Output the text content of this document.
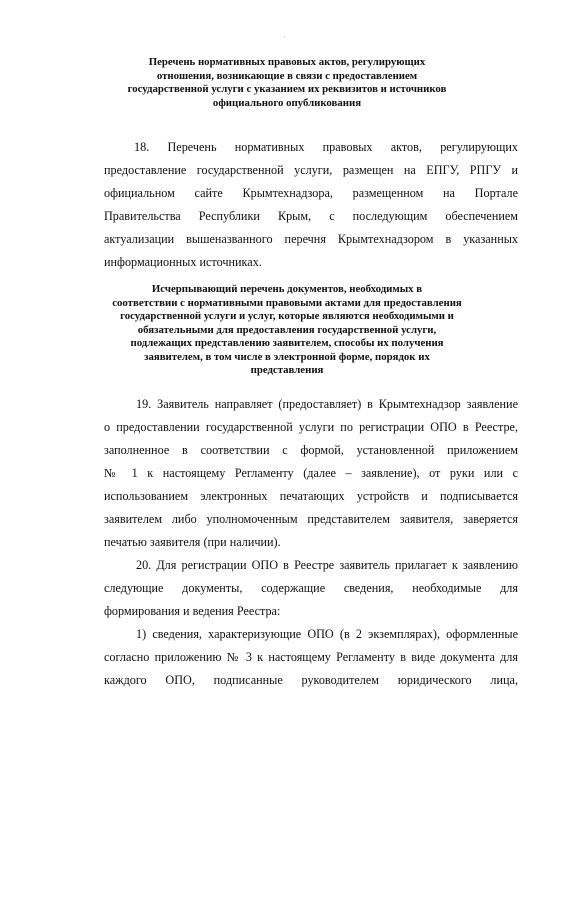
·
Перечень нормативных правовых актов, регулирующих
отношения, возникающие в связи с предоставлением
государственной услуги с указанием их реквизитов и источников
официального опубликования
18. Перечень нормативных правовых актов, регулирующих
предоставление государственной услуги, размещен на ЕПГУ, РПГУ и
официальном сайте Крымтехнадзора, размещенном на Портале
Правительства Республики Крым, с последующим обеспечением
актуализации вышеназванного перечня Крымтехнадзором в указанных
информационных источниках.
Исчерпывающий перечень документов, необходимых в
соответствии с нормативными правовыми актами для предоставления
государственной услуги и услуг, которые являются необходимыми и
обязательными для предоставления государственной услуги,
подлежащих представлению заявителем, способы их получения
заявителем, в том числе в электронной форме, порядок их
представления
19. Заявитель направляет (предоставляет) в Крымтехнадзор заявление
о предоставлении государственной услуги по регистрации ОПО в Реестре,
заполненное в соответствии с формой, установленной приложением
№ 1 к настоящему Регламенту (далее – заявление), от руки или с
использованием электронных печатающих устройств и подписывается
заявителем либо уполномоченным представителем заявителя, заверяется
печатью заявителя (при наличии).
20. Для регистрации ОПО в Реестре заявитель прилагает к заявлению
следующие документы, содержащие сведения, необходимые для
формирования и ведения Реестра:
1) сведения, характеризующие ОПО (в 2 экземплярах), оформленные
согласно приложению № 3 к настоящему Регламенту в виде документа для
каждого ОПО, подписанные руководителем юридического лица,
